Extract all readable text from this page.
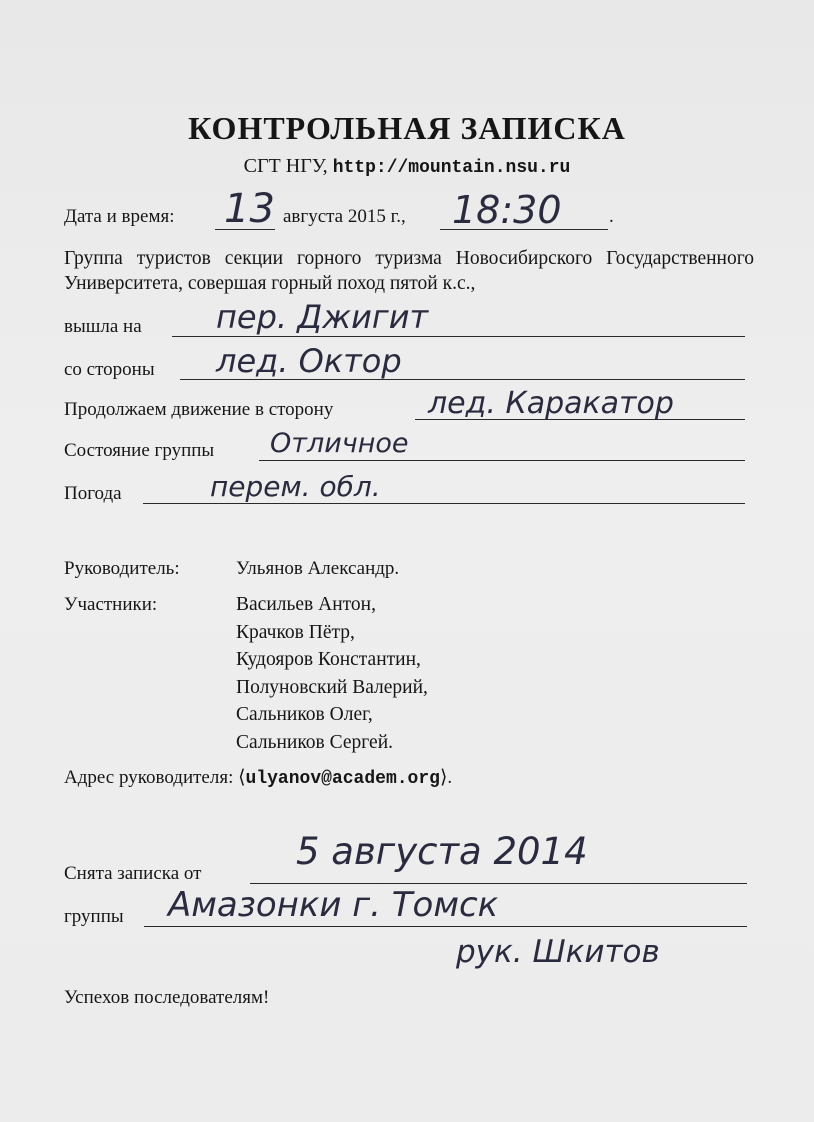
КОНТРОЛЬНАЯ ЗАПИСКА
СГТ НГУ, http://mountain.nsu.ru
Дата и время: 13 августа 2015 г., 18:30 .
Группа туристов секции горного туризма Новосибирского Государственного Университета, совершая горный поход пятой к.с.,
вышла на пер. Джигит
со стороны лед. Октор
Продолжаем движение в сторону	лед. Каракатор
Состояние группы Отличное
Погода	перем. обл.
Руководитель:	Ульянов Александр.
Участники:	Васильев Антон,
Крачков Пётр,
Кудояров Константин,
Полуновский Валерий,
Сальников Олег,
Сальников Сергей.
Адрес руководителя: ⟨ulyanov@academ.org⟩.
Снята записка от
5 августа 2014
группы Амазонки г. Томск
рук. Шкитов
Успехов последователям!
